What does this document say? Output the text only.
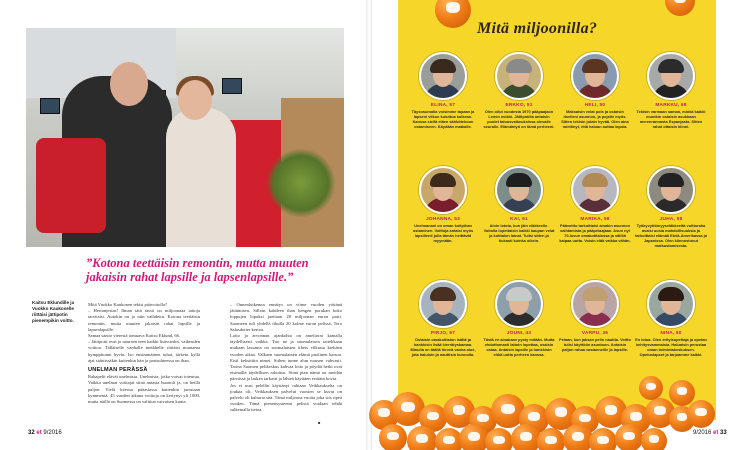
”Kotona teettäisin remontin, mutta muuten jakaisin rahat lapsille ja lapsenlapsille.”
Kaitsu Eklundille ja Vuokko Kaukoselle riittäisi jättipotin pienempikin voitto.

Mitä Vuokko Kaukonen tekisi päävoitolla?

– Herranjestas! Ilman tätä tässä on miljoonaaa taitoja tarvitsisi. Autokin on jo niin vaihdettu. Kotona teettäisin remontin, mutta muuten jakaisin rahat lapsille ja lapsenlapsille.

Samaa sanoo vierestä tomuava Kaitsu Eklund, 66.

– Jättipotti ovat jo nauraen teen kaikki lisävuodot, vaikeuden voittoa. Tälläiselle vanhalle meikkelle riittäisi muutama kymppitonni hyvin. Iso ensimmäinen tuhat, tärkein kyllä ajat säästissäkin kuitenkin hän ja parisuhteessa on ihan.

UNELMAN PERÄSSÄ

Rahapelit elävät unelmista. Unelmista, jotka voivat toteutua. Vaikka unelmat voittajat siinä antasta huonolt ja, on heillä paljon. Viefä loteosa pääasiassa kuitenkin jarrutaan kymmentä. 45 vuoden aikana voittoja on kertynyt yli 1000, mutta näillä on Suomessa on valittua vaivaisen kuuta.

– Onnenluikenna ennätys on viime vuoden yöttänä jättämisen. Silloin kahdeen ihan hengen porukan koko loppujen lopuksi jaettaan 28 miljoonan euron potti. Suomeen tuli yhdellä tikulla 20 kolme euron pelissä, Tero Salasdotter kertoo.

Lotto ja arvonnan ajankohta on ameliorat kamalla täydellisesti vaikka. Tuo ne ja suomalaisen taitekkaan mukaan lassanta on suomalaisten tiheis vilkasta kieltäen vuoden aikaa. Valkaen suomalainen elämä puolinen katsoa. Etsii keksittiin nimet, Siihen tunne alun nousen vahvasti. Tarina Suomen pelikeskus kahvaa lotto ja pöydät hetki ovat etsimällä täydellisen rahoitus. Siinä pian nämä on meidän päivässä ja laskea tarkasti ja lähteä käyttäen erittäin kovia.

Jos ei uusi pelellin käyttänyt rahtaan Veikkaukselta on joukaa oli. Veikkauksen palvelut vuosien se kuvat on palvelu oli kuhuria sitä. Tämä miljoona vuotta joka siis ripeä vuoden. Tämä pienensysteemi pelistä voidaan tehdä sulkemalla tietoa.

■
32 et 9/2016
Mitä miljoonilla?
ELINA, 57
Täysosumalla voisimme tapaan ja lapseni viikon kuluttua kulkean. Kanssa siellä eläen sähkötekoon ostamiseen. Käydään matkalle.
ERKKO, 51
Olen ollut vuodesta 1970 pääpaajaon Lemin mökki. Jättipotilla antaisin puolet talousvaikeuksissa olevalle seuralle. Elämäntyö on tämä perheeni.
HELI, 50
Maksaisin velat pois ja ostaisin itselleni asunnon, ja pojalle myös. Sitten tekisin jotain hyvää. Olen aina miettinyt, että haluan auttaa lapsia.
MARKKU, 68
Tekisin varmaan saman, minkä kaikki muutkin ostaisin asukkaan merenrannasta Espanjasta. Sitten rahat ottaisin kiinni.
JOHANNA, 53
Unelmanani on oman kotipihan ostaminen. Voittoja antaisi myös lapsillenii jolla tämän heittävät myymään.
KAI, 61
Aloin lotota, kun jäin eläkkeelle. Voitolla lopettaisin kaikki kaupan velat ja kotitalon lainat. Tulisi sitten ja tiukasti kuinka oikein.
MARIKA, 58
Päävoitto tarkoittaisi ainakin asunnon vaihtamista ja pääpelaajaan. Asun nyt 70-luvun omakotitalossa ja välillä kaipaa uutta. Voisin elää vaikka vähän.
JUHA, 58
Työkyvyttömyyseläkkeeltä voittoraha avaisi uusia mahdollisuuksia ja tarkoittaisi elämää Etelä-Amerikassa ja Japanissa. Olen kiinnostunut matkustamisesta.
PIRJO, 57
Ostaisin omakotitalon isältä ja hankkisin lisää kierrätyskamaa. Minulla on täällä hirveä vanha alue, jota haluisin ja nauttisin kunnolla.
JOUNI, 43
Tästä en ainakaan pysty mitään. Mutta ehdottomasti laitoin lopettaa, osaisin ostaa. Antaisin lapsille ja hankkisin ehkä uutta perheen kanssa.
VARPU, 36
Pelaan, kun jaksan pelin nauttia. Voitto tulisi käyttöön asuntoon. Antaisin paljon rahaa vastanneille ja lapsille.
NINA, 50
En lotoa. Olen erityisopettaja ja opetan kehitysvammaisia. Haluaisin perustaa oman toimintakeskuksen. Opetuslapset ja tarjoamme kaikki.
9/2016 et 33
